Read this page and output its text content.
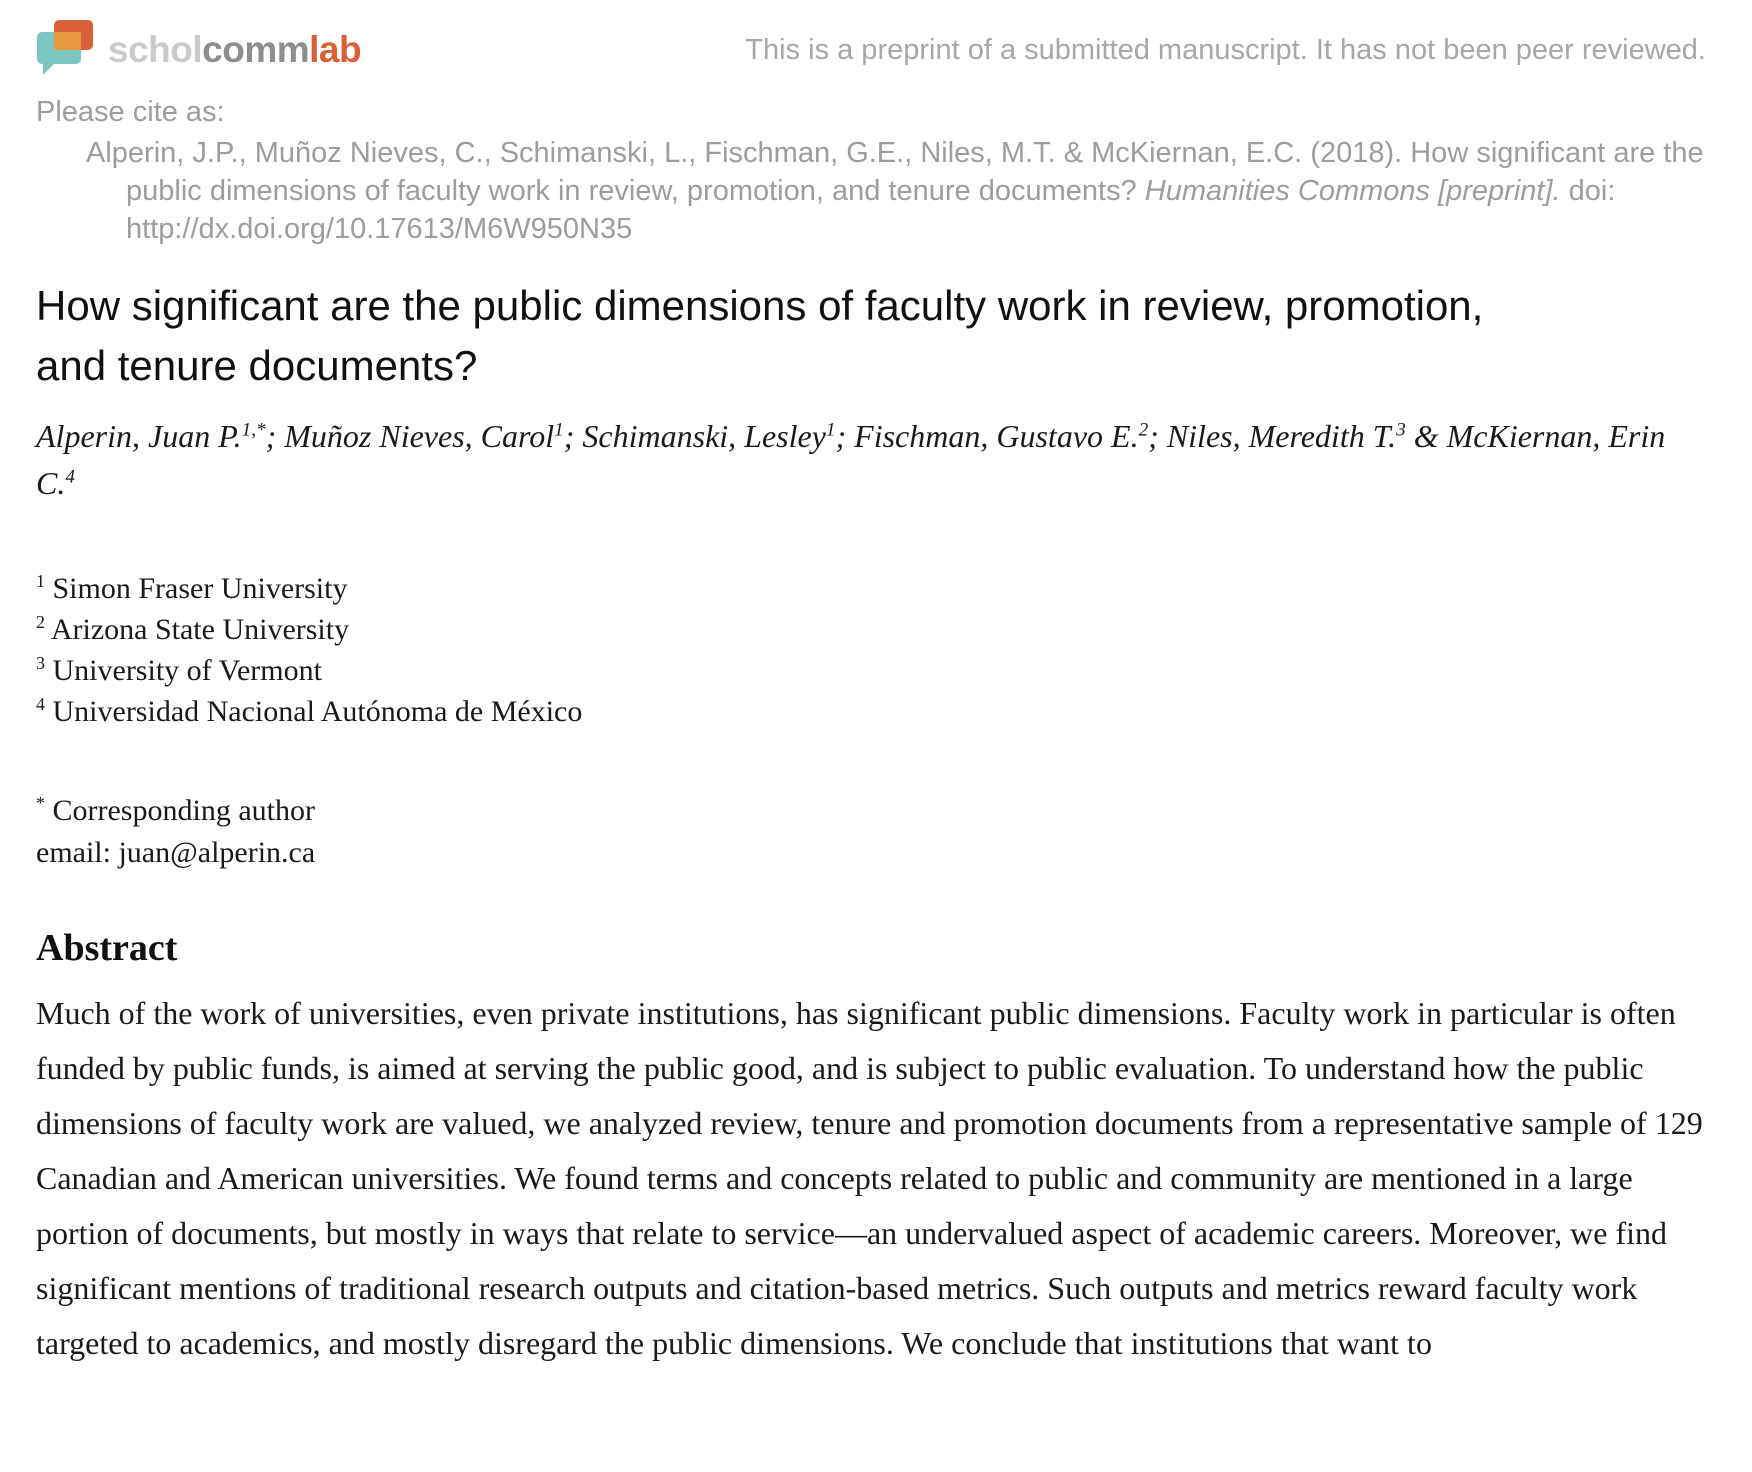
scholcommlab	This is a preprint of a submitted manuscript. It has not been peer reviewed.
Please cite as:

Alperin, J.P., Muñoz Nieves, C., Schimanski, L., Fischman, G.E., Niles, M.T. & McKiernan, E.C. (2018). How significant are the public dimensions of faculty work in review, promotion, and tenure documents? Humanities Commons [preprint]. doi: http://dx.doi.org/10.17613/M6W950N35

How significant are the public dimensions of faculty work in review, promotion, and tenure documents?

Alperin, Juan P.$^{1,*}$; Muñoz Nieves, Carol$^1$; Schimanski, Lesley$^1$; Fischman, Gustavo E.$^2$; Niles, Meredith T.$^3$ & McKiernan, Erin C.$^4$

$^1$ Simon Fraser University
$^2$ Arizona State University
$^3$ University of Vermont
$^4$ Universidad Nacional Autónoma de México
* Corresponding author
email: juan@alperin.ca
Abstract

Much of the work of universities, even private institutions, has significant public dimensions. Faculty work in particular is often funded by public funds, is aimed at serving the public good, and is subject to public evaluation. To understand how the public dimensions of faculty work are valued, we analyzed review, tenure and promotion documents from a representative sample of 129 Canadian and American universities. We found terms and concepts related to public and community are mentioned in a large portion of documents, but mostly in ways that relate to service—an undervalued aspect of academic careers. Moreover, we find significant mentions of traditional research outputs and citation-based metrics. Such outputs and metrics reward faculty work targeted to academics, and mostly disregard the public dimensions. We conclude that institutions that want to
